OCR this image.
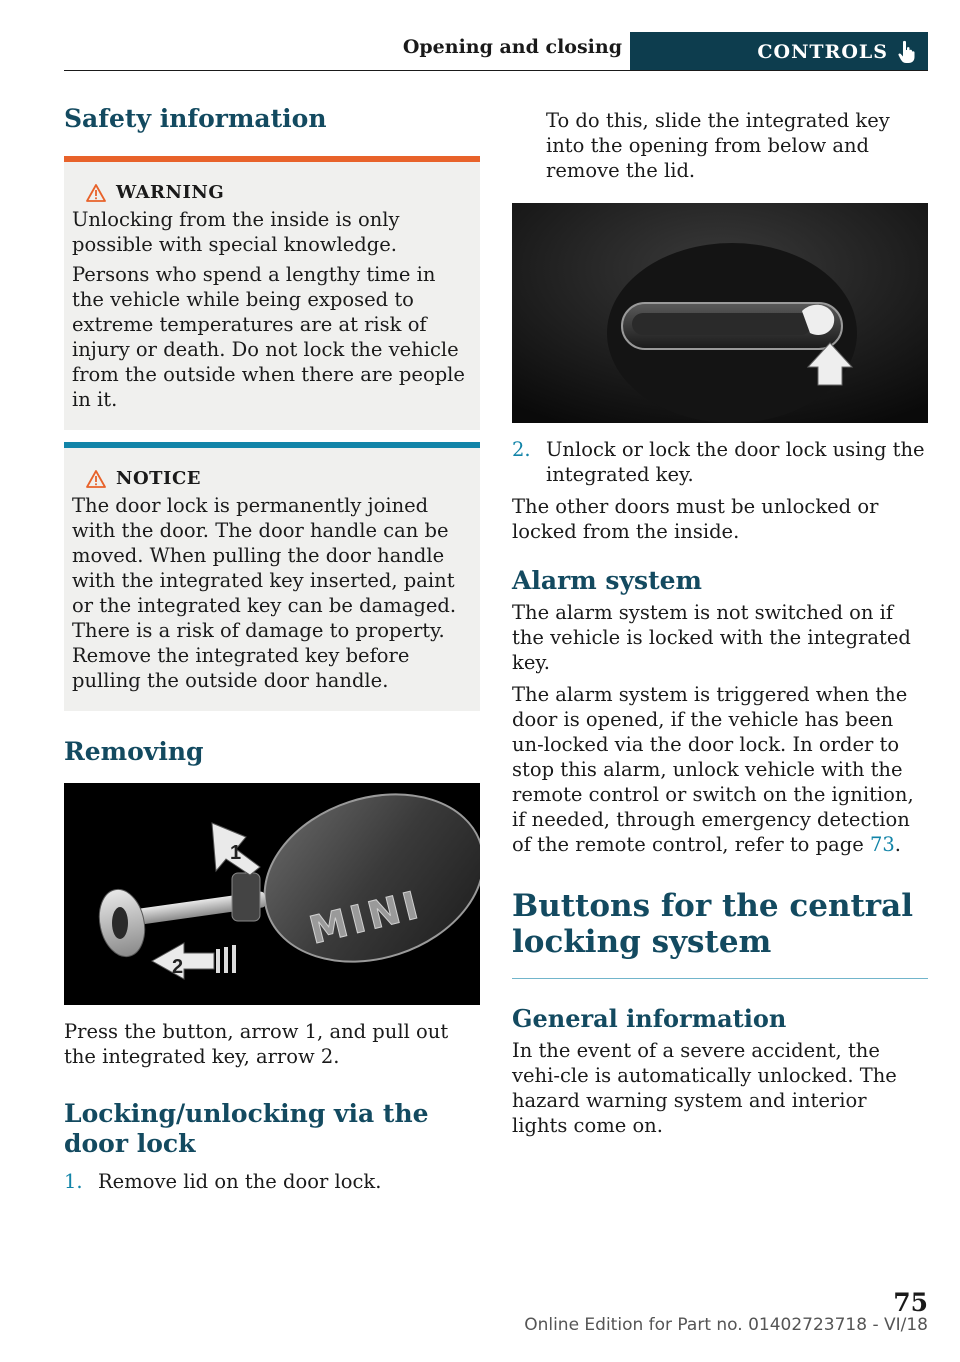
Opening and closing	CONTROLS
Safety information
WARNING

Unlocking from the inside is only possible with special knowledge.

Persons who spend a lengthy time in the vehicle while being exposed to extreme temperatures are at risk of injury or death. Do not lock the vehicle from the outside when there are people in it.

NOTICE

The door lock is permanently joined with the door. The door handle can be moved. When pulling the door handle with the integrated key inserted, paint or the integrated key can be damaged. There is a risk of damage to property. Remove the integrated key before pulling the outside door handle.

Removing
1
2
MINI

Press the button, arrow 1, and pull out the integrated key, arrow 2.

Locking/unlocking via the door lock
1. Remove lid on the door lock.

To do this, slide the integrated key into the opening from below and remove the lid.

2. Unlock or lock the door lock using the integrated key.

The other doors must be unlocked or locked from the inside.

Alarm system

The alarm system is not switched on if the vehicle is locked with the integrated key.

The alarm system is triggered when the door is opened, if the vehicle has been un-locked via the door lock. In order to stop this alarm, unlock vehicle with the remote control or switch on the ignition, if needed, through emergency detection of the remote control, refer to page 73.

Buttons for the central locking system
General information

In the event of a severe accident, the vehi-cle is automatically unlocked. The hazard warning system and interior lights come on.

75
Online Edition for Part no. 01402723718 - VI/18
